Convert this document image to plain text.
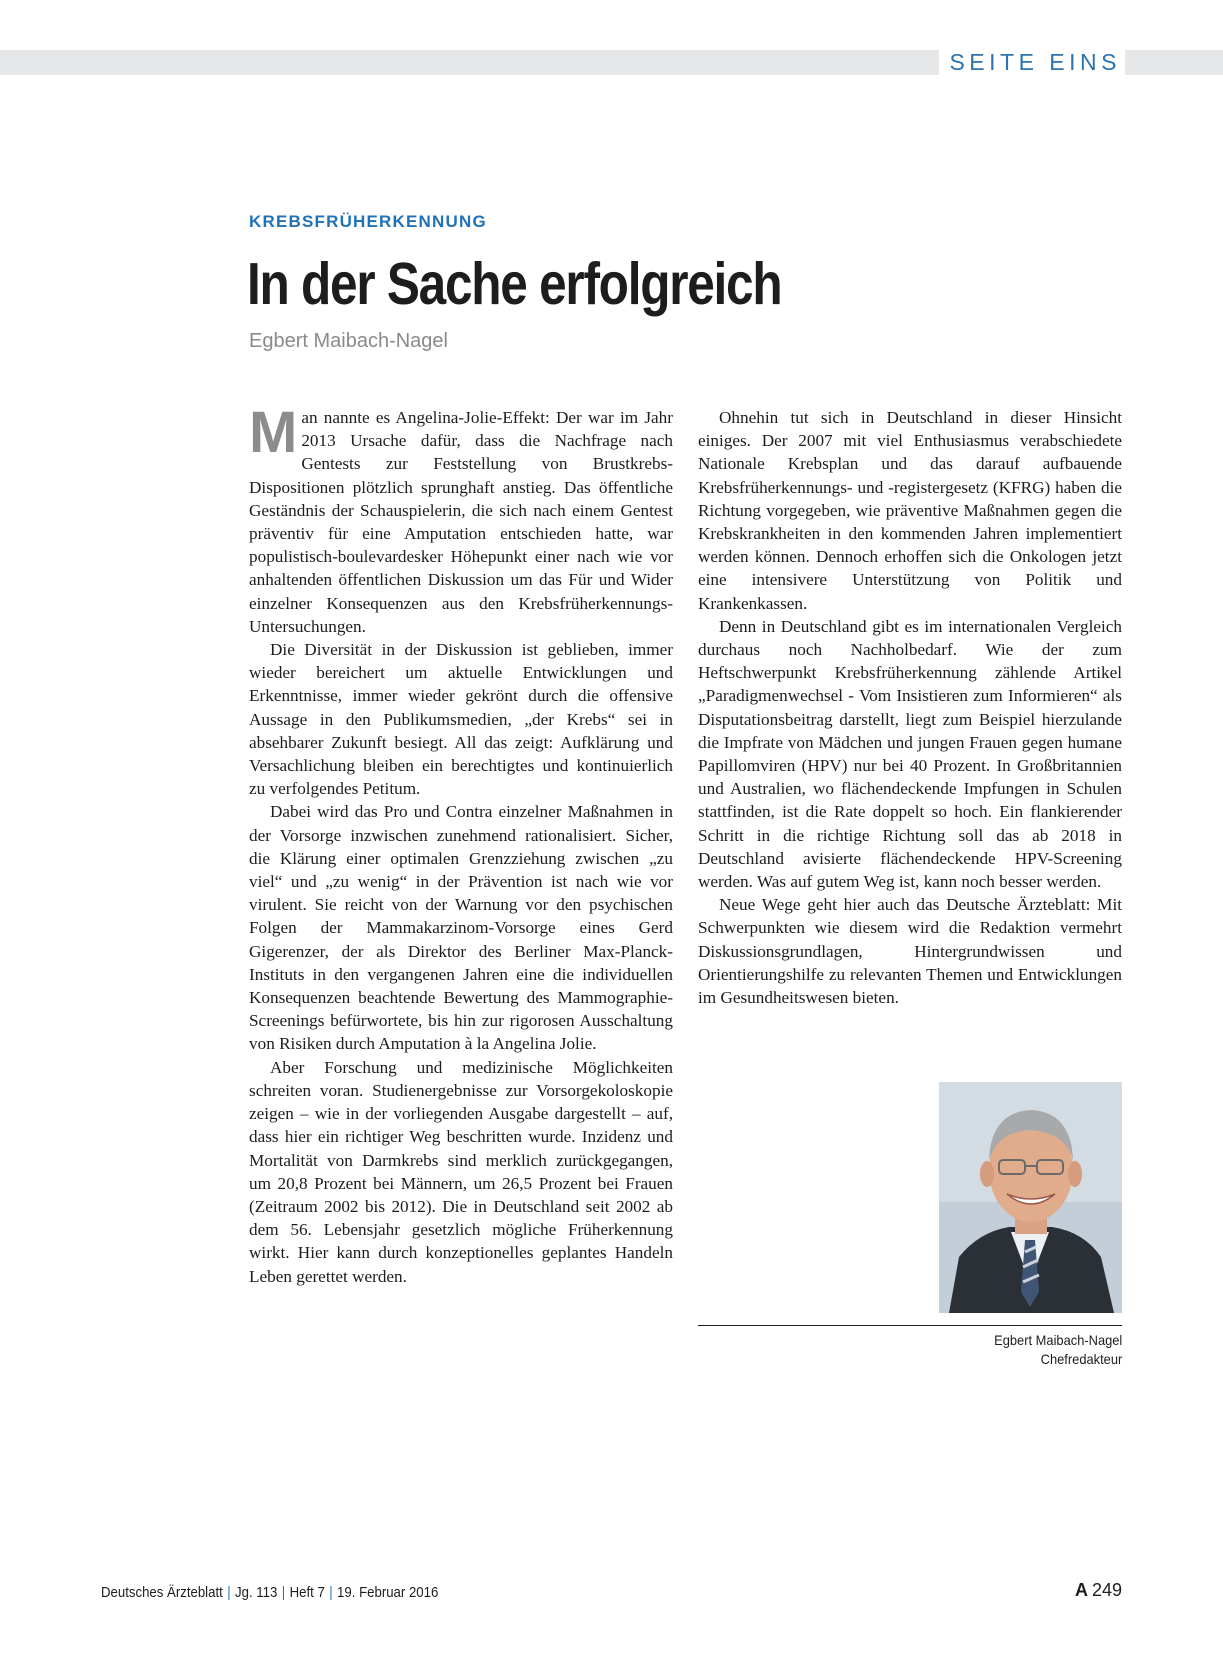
SEITE EINS
KREBSFRÜHERKENNUNG
In der Sache erfolgreich
Egbert Maibach-Nagel

Man nannte es Angelina-Jolie-Effekt: Der war im Jahr 2013 Ursache dafür, dass die Nachfrage nach Gentests zur Feststellung von Brustkrebs-Dispositionen plötzlich sprunghaft anstieg. Das öffentliche Geständnis der Schauspielerin, die sich nach einem Gentest präventiv für eine Amputation entschieden hatte, war populistisch-boulevardesker Höhepunkt einer nach wie vor anhaltenden öffentlichen Diskussion um das Für und Wider einzelner Konsequenzen aus den Krebsfrüherkennungs-Untersuchungen.

Die Diversität in der Diskussion ist geblieben, immer wieder bereichert um aktuelle Entwicklungen und Erkenntnisse, immer wieder gekrönt durch die offensive Aussage in den Publikumsmedien, „der Krebs“ sei in absehbarer Zukunft besiegt. All das zeigt: Aufklärung und Versachlichung bleiben ein berechtigtes und kontinuierlich zu verfolgendes Petitum.

Dabei wird das Pro und Contra einzelner Maßnahmen in der Vorsorge inzwischen zunehmend rationalisiert. Sicher, die Klärung einer optimalen Grenzziehung zwischen „zu viel“ und „zu wenig“ in der Prävention ist nach wie vor virulent. Sie reicht von der Warnung vor den psychischen Folgen der Mammakarzinom-Vorsorge eines Gerd Gigerenzer, der als Direktor des Berliner Max-Planck-Instituts in den vergangenen Jahren eine die individuellen Konsequenzen beachtende Bewertung des Mammographie-Screenings befürwortete, bis hin zur rigorosen Ausschaltung von Risiken durch Amputation à la Angelina Jolie.

Aber Forschung und medizinische Möglichkeiten schreiten voran. Studienergebnisse zur Vorsorgekoloskopie zeigen – wie in der vorliegenden Ausgabe dargestellt – auf, dass hier ein richtiger Weg beschritten wurde. Inzidenz und Mortalität von Darmkrebs sind merklich zurückgegangen, um 20,8 Prozent bei Männern, um 26,5 Prozent bei Frauen (Zeitraum 2002 bis 2012). Die in Deutschland seit 2002 ab dem 56. Lebensjahr gesetzlich mögliche Früherkennung wirkt. Hier kann durch konzeptionelles geplantes Handeln Leben gerettet werden.

Ohnehin tut sich in Deutschland in dieser Hinsicht einiges. Der 2007 mit viel Enthusiasmus verabschiedete Nationale Krebsplan und das darauf aufbauende Krebsfrüherkennungs- und -registergesetz (KFRG) haben die Richtung vorgegeben, wie präventive Maßnahmen gegen die Krebskrankheiten in den kommenden Jahren implementiert werden können. Dennoch erhoffen sich die Onkologen jetzt eine intensivere Unterstützung von Politik und Krankenkassen.

Denn in Deutschland gibt es im internationalen Vergleich durchaus noch Nachholbedarf. Wie der zum Heftschwerpunkt Krebsfrüherkennung zählende Artikel „Paradigmenwechsel - Vom Insistieren zum Informieren“ als Disputationsbeitrag darstellt, liegt zum Beispiel hierzulande die Impfrate von Mädchen und jungen Frauen gegen humane Papillomviren (HPV) nur bei 40 Prozent. In Großbritannien und Australien, wo flächendeckende Impfungen in Schulen stattfinden, ist die Rate doppelt so hoch. Ein flankierender Schritt in die richtige Richtung soll das ab 2018 in Deutschland avisierte flächendeckende HPV-Screening werden. Was auf gutem Weg ist, kann noch besser werden.

Neue Wege geht hier auch das Deutsche Ärzteblatt: Mit Schwerpunkten wie diesem wird die Redaktion vermehrt Diskussionsgrundlagen, Hintergrundwissen und Orientierungshilfe zu relevanten Themen und Entwicklungen im Gesundheitswesen bieten.

Egbert Maibach-Nagel
Chefredakteur
Deutsches Ärzteblatt | Jg. 113 | Heft 7 | 19. Februar 2016	A 249
